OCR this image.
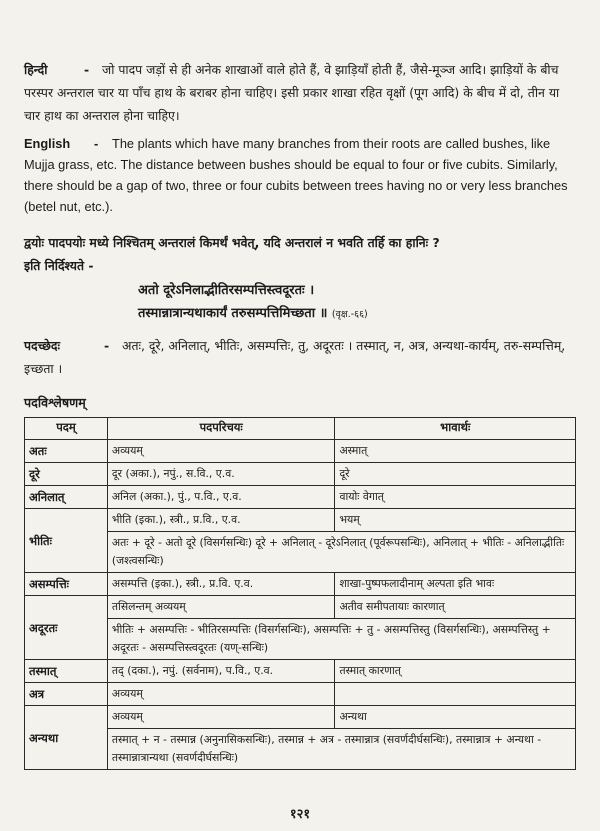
हिन्दी	- जो पादप जड़ों से ही अनेक शाखाओं वाले होते हैं, वे झाड़ियाँ होती हैं, जैसे-मूञ्ज आदि। झाड़ियों के बीच परस्पर अन्तराल चार या पाँच हाथ के बराबर होना चाहिए। इसी प्रकार शाखा रहित वृक्षों (पूग आदि) के बीच में दो, तीन या चार हाथ का अन्तराल होना चाहिए।

English - The plants which have many branches from their roots are called bushes, like Mujja grass, etc. The distance between bushes should be equal to four or five cubits. Similarly, there should be a gap of two, three or four cubits between trees having no or very less branches (betel nut, etc.).

द्वयोः पादपयोः मध्ये निश्चितम् अन्तरालं किमर्थं भवेत्, यदि अन्तरालं न भवति तर्हि का हानिः ?
इति निर्दिश्यते -

अतो दूरेऽनिलाद्भीतिरसम्पत्तिस्त्वदूरतः ।
तस्मान्नात्रान्यथाकार्यं तरुसम्पत्तिमिच्छता ॥ (वृक्ष.-६६)

पदच्छेदः	- अतः, दूरे, अनिलात्, भीतिः, असम्पत्तिः, तु, अदूरतः । तस्मात्, न, अत्र, अन्यथा-कार्यम्, तरु-सम्पत्तिम्, इच्छता ।

पदविश्लेषणम्
पदम्	पदपरिचयः	भावार्थः
अतः	अव्ययम्	अस्मात्
दूरे	दूर (अका.), नपुं., स.वि., ए.व.	दूरे
अनिलात्	अनिल (अका.), पुं., प.वि., ए.व.	वायोः वेगात्
भीतिः	भीति (इका.), स्त्री., प्र.वि., ए.व.	भयम्
	अतः + दूरे - अतो दूरे (विसर्गसन्धिः) दूरे + अनिलात् - दूरेऽनिलात् (पूर्वरूपसन्धिः), अनिलात् + भीतिः - अनिलाद्भीतिः (जश्त्वसन्धिः)	
असम्पत्तिः	असम्पत्ति (इका.), स्त्री., प्र.वि. ए.व.	शाखा-पुष्पफलादीनाम् अल्पता इति भावः
अदूरतः	तसिलन्तम् अव्ययम्	अतीव समीपतायाः कारणात्
	भीतिः + असम्पत्तिः - भीतिरसम्पत्तिः (विसर्गसन्धिः), असम्पत्तिः + तु - असम्पत्तिस्तु (विसर्गसन्धिः), असम्पत्तिस्तु + अदूरतः - असम्पत्तिस्त्वदूरतः (यण्-सन्धिः)	
तस्मात्	तद् (दका.), नपुं. (सर्वनाम), प.वि., ए.व.	तस्मात् कारणात्
अत्र	अव्ययम्	
अन्यथा	अव्ययम्	अन्यथा
	तस्मात् + न - तस्मान्न (अनुनासिकसन्धिः), तस्मान्न + अत्र - तस्मान्नात्र (सवर्णदीर्घसन्धिः), तस्मान्नात्र + अन्यथा - तस्मान्नात्रान्यथा (सवर्णदीर्घसन्धिः)	
१२१
